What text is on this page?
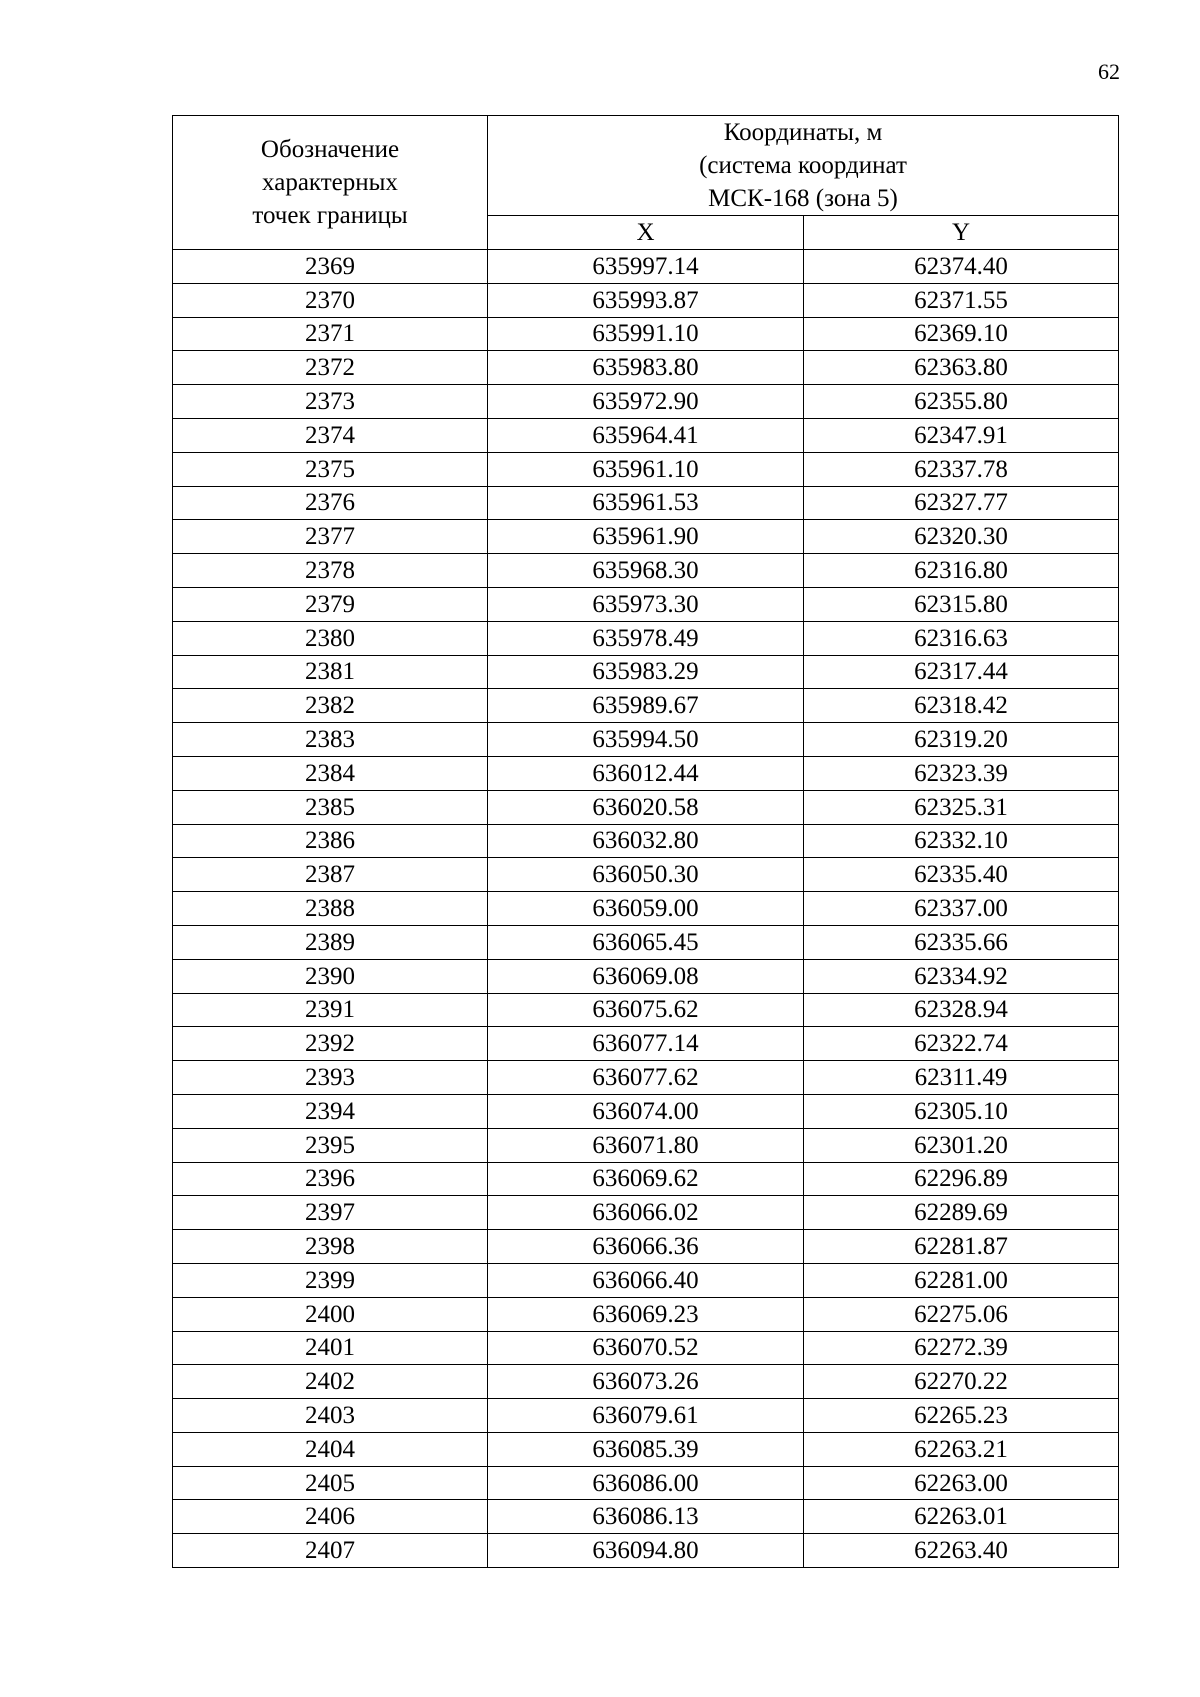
62
Обозначение
характерных
точек границы	Координаты, м
(система координат
МСК-168 (зона 5)	

	X	Y
2369	635997.14	62374.40
2370	635993.87	62371.55
2371	635991.10	62369.10
2372	635983.80	62363.80
2373	635972.90	62355.80
2374	635964.41	62347.91
2375	635961.10	62337.78
2376	635961.53	62327.77
2377	635961.90	62320.30
2378	635968.30	62316.80
2379	635973.30	62315.80
2380	635978.49	62316.63
2381	635983.29	62317.44
2382	635989.67	62318.42
2383	635994.50	62319.20
2384	636012.44	62323.39
2385	636020.58	62325.31
2386	636032.80	62332.10
2387	636050.30	62335.40
2388	636059.00	62337.00
2389	636065.45	62335.66
2390	636069.08	62334.92
2391	636075.62	62328.94
2392	636077.14	62322.74
2393	636077.62	62311.49
2394	636074.00	62305.10
2395	636071.80	62301.20
2396	636069.62	62296.89
2397	636066.02	62289.69
2398	636066.36	62281.87
2399	636066.40	62281.00
2400	636069.23	62275.06
2401	636070.52	62272.39
2402	636073.26	62270.22
2403	636079.61	62265.23
2404	636085.39	62263.21
2405	636086.00	62263.00
2406	636086.13	62263.01
2407	636094.80	62263.40
